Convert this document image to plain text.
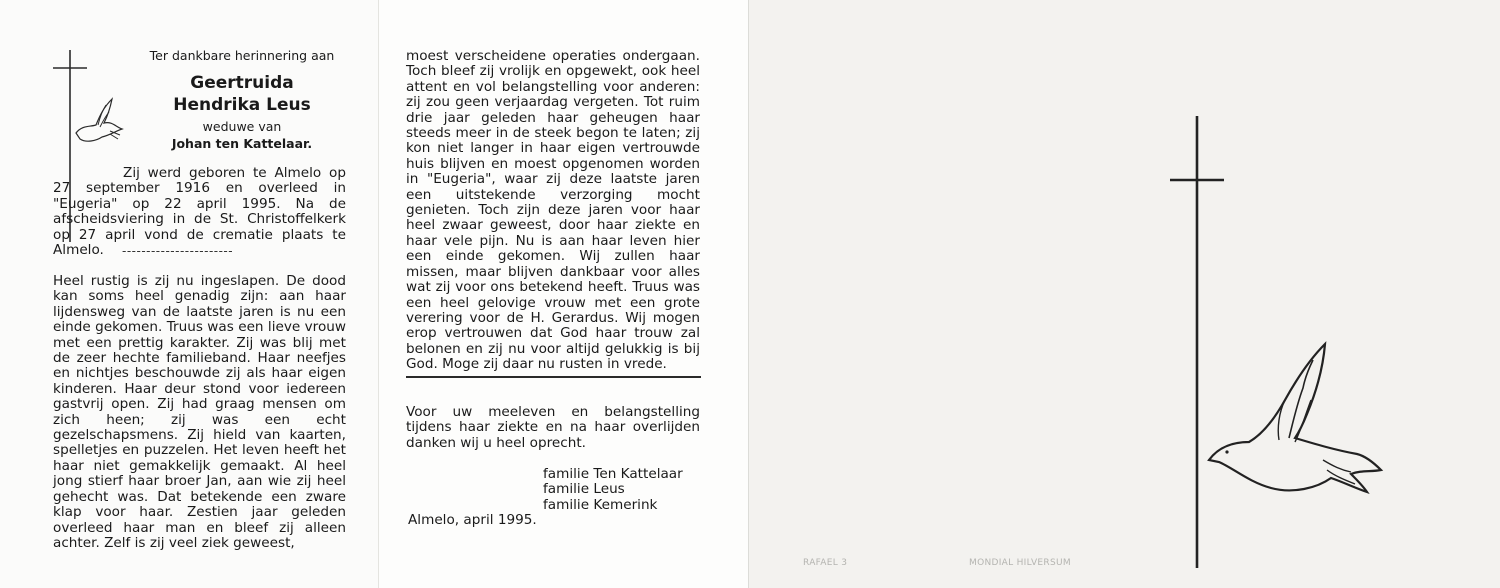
Ter dankbare herinnering aan
Geertruida
Hendrika Leus
weduwe van
Johan ten Kattelaar.

Zij werd geboren te Almelo op 27 september 1916 en overleed in "Eugeria" op 22 april 1995. Na de afscheidsviering in de St. Christoffelkerk op 27 april vond de crematie plaats te Almelo.	-----------------------

Heel rustig is zij nu ingeslapen. De dood kan soms heel genadig zijn: aan haar lijdensweg van de laatste jaren is nu een einde gekomen. Truus was een lieve vrouw met een prettig karakter. Zij was blij met de zeer hechte familieband. Haar neefjes en nichtjes beschouwde zij als haar eigen kinderen. Haar deur stond voor iedereen gastvrij open. Zij had graag mensen om zich heen; zij was een echt gezelschapsmens. Zij hield van kaarten, spelletjes en puzzelen. Het leven heeft het haar niet gemakkelijk gemaakt. Al heel jong stierf haar broer Jan, aan wie zij heel gehecht was. Dat betekende een zware klap voor haar. Zestien jaar geleden overleed haar man en bleef zij alleen achter. Zelf is zij veel ziek geweest,

moest verscheidene operaties ondergaan. Toch bleef zij vrolijk en opgewekt, ook heel attent en vol belangstelling voor anderen: zij zou geen verjaardag vergeten. Tot ruim drie jaar geleden haar geheugen haar steeds meer in de steek begon te laten; zij kon niet langer in haar eigen vertrouwde huis blijven en moest opgenomen worden in "Eugeria", waar zij deze laatste jaren een uitstekende verzorging mocht genieten. Toch zijn deze jaren voor haar heel zwaar geweest, door haar ziekte en haar vele pijn. Nu is aan haar leven hier een einde gekomen. Wij zullen haar missen, maar blijven dankbaar voor alles wat zij voor ons betekend heeft. Truus was een heel gelovige vrouw met een grote verering voor de H. Gerardus. Wij mogen erop vertrouwen dat God haar trouw zal belonen en zij nu voor altijd gelukkig is bij God. Moge zij daar nu rusten in vrede.

Voor uw meeleven en belangstelling tijdens haar ziekte en na haar overlijden danken wij u heel oprecht.

familie Ten Kattelaar
familie Leus
familie Kemerink
Almelo, april 1995.
RAFAEL 3	MONDIAL HILVERSUM
